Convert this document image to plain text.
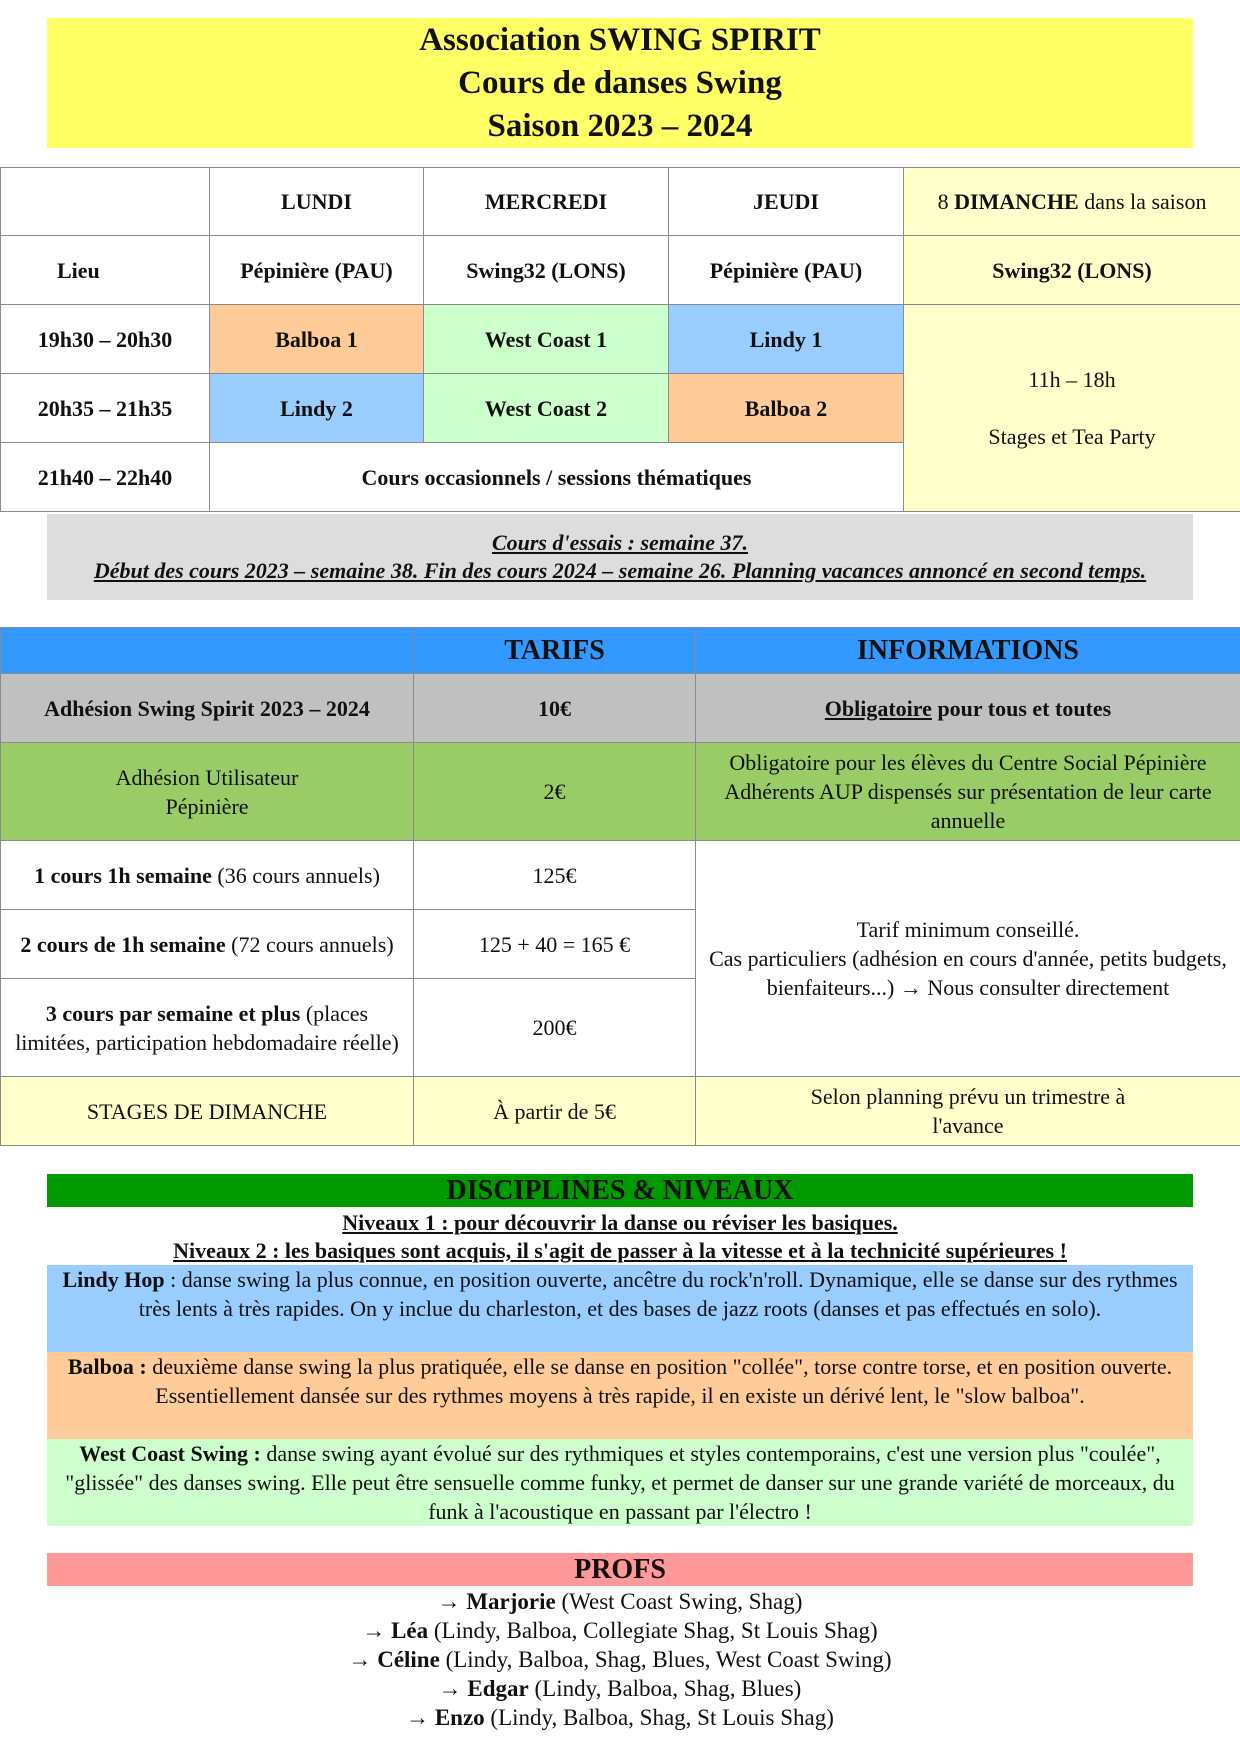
Association SWING SPIRIT
Cours de danses Swing
Saison 2023 – 2024
	LUNDI	MERCREDI	JEUDI	8 DIMANCHE dans la saison
Lieu	Pépinière (PAU)	Swing32 (LONS)	Pépinière (PAU)	Swing32 (LONS)
19h30 – 20h30	Balboa 1	West Coast 1	Lindy 1	11h – 18h
Stages et Tea Party

20h35 – 21h35	Lindy 2	West Coast 2	Balboa 2	
21h40 – 22h40	Cours occasionnels / sessions thématiques			
Cours d'essais : semaine 37.
Début des cours 2023 – semaine 38. Fin des cours 2024 – semaine 26. Planning vacances annoncé en second temps.
	TARIFS	INFORMATIONS
Adhésion Swing Spirit 2023 – 2024	10€	Obligatoire pour tous et toutes
Adhésion Utilisateur Pépinière	2€	Obligatoire pour les élèves du Centre Social Pépinière Adhérents AUP dispensés sur présentation de leur carte annuelle
1 cours 1h semaine (36 cours annuels)	125€	Tarif minimum conseillé.
Cas particuliers (adhésion en cours d'année, petits budgets, bienfaiteurs...) → Nous consulter directement

2 cours de 1h semaine (72 cours annuels)	125 + 40 = 165 €	
3 cours par semaine et plus (places limitées, participation hebdomadaire réelle)	200€	
STAGES DE DIMANCHE	À partir de 5€	Selon planning prévu un trimestre à l'avance
DISCIPLINES & NIVEAUX
Niveaux 1 : pour découvrir la danse ou réviser les basiques.
Niveaux 2 : les basiques sont acquis, il s'agit de passer à la vitesse et à la technicité supérieures !
Lindy Hop : danse swing la plus connue, en position ouverte, ancêtre du rock'n'roll. Dynamique, elle se danse sur des rythmes très lents à très rapides. On y inclue du charleston, et des bases de jazz roots (danses et pas effectués en solo).
Balboa : deuxième danse swing la plus pratiquée, elle se danse en position "collée", torse contre torse, et en position ouverte. Essentiellement dansée sur des rythmes moyens à très rapide, il en existe un dérivé lent, le "slow balboa".
West Coast Swing : danse swing ayant évolué sur des rythmiques et styles contemporains, c'est une version plus "coulée", "glissée" des danses swing. Elle peut être sensuelle comme funky, et permet de danser sur une grande variété de morceaux, du funk à l'acoustique en passant par l'électro !
PROFS
→ Marjorie (West Coast Swing, Shag)
→ Léa (Lindy, Balboa, Collegiate Shag, St Louis Shag)
→ Céline (Lindy, Balboa, Shag, Blues, West Coast Swing)
→ Edgar (Lindy, Balboa, Shag, Blues)
→ Enzo (Lindy, Balboa, Shag, St Louis Shag)
